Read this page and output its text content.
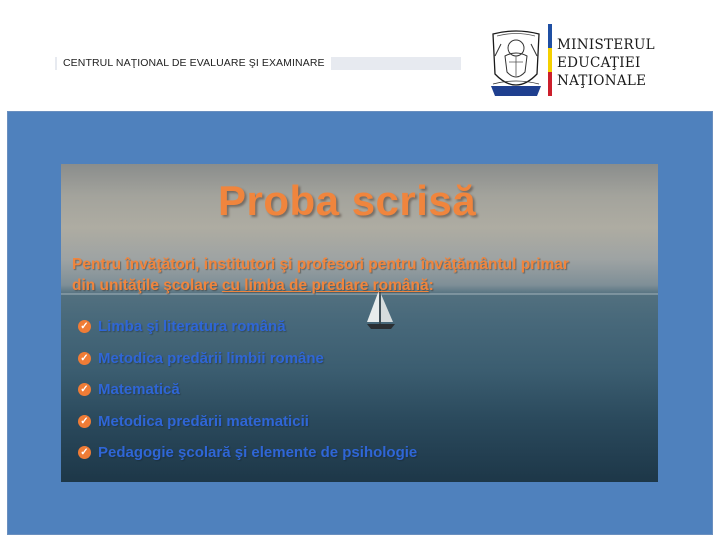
CENTRUL NAŢIONAL DE EVALUARE ŞI EXAMINARE
MINISTERUL
EDUCAŢIEI
NAŢIONALE
Proba scrisă
Pentru învăţători, institutori şi profesori pentru învăţământul primar
din unităţile şcolare cu limba de predare română:
✓ Limba şi literatura română
✓ Metodica predării limbii române
✓ Matematică
✓ Metodica predării matematicii
✓ Pedagogie şcolară şi elemente de psihologie
